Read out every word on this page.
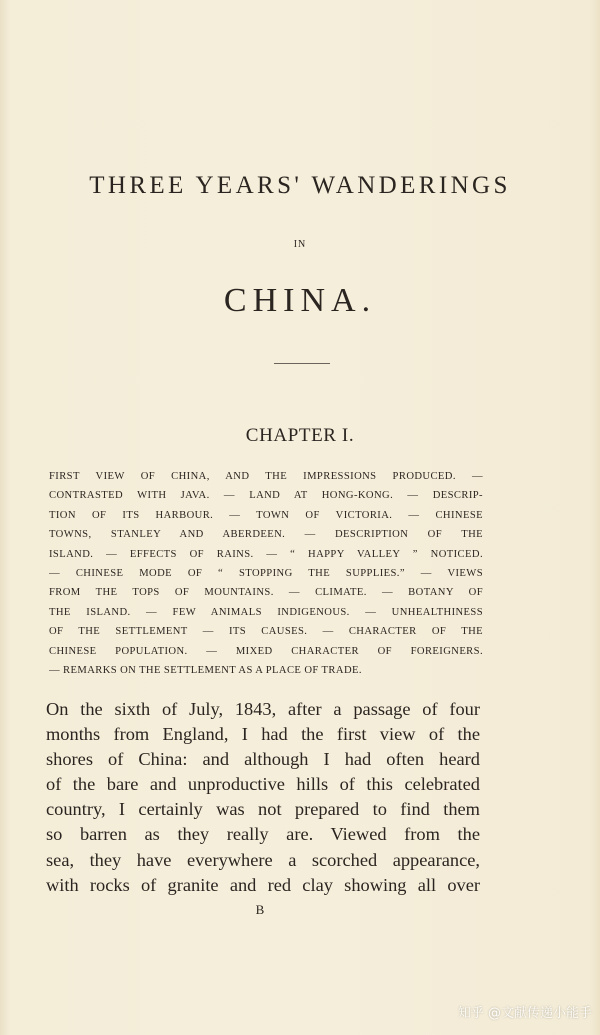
THREE YEARS' WANDERINGS
IN
CHINA.
CHAPTER I.
FIRST VIEW OF CHINA, AND THE IMPRESSIONS PRODUCED. —
CONTRASTED WITH JAVA. — LAND AT HONG-KONG. — DESCRIP-
TION OF ITS HARBOUR. — TOWN OF VICTORIA. — CHINESE
TOWNS, STANLEY AND ABERDEEN. — DESCRIPTION OF THE
ISLAND. — EFFECTS OF RAINS. — “ HAPPY VALLEY ” NOTICED.
— CHINESE MODE OF “ STOPPING THE SUPPLIES.” — VIEWS
FROM THE TOPS OF MOUNTAINS. — CLIMATE. — BOTANY OF
THE ISLAND. — FEW ANIMALS INDIGENOUS. — UNHEALTHINESS
OF THE SETTLEMENT — ITS CAUSES. — CHARACTER OF THE
CHINESE POPULATION. — MIXED CHARACTER OF FOREIGNERS.
— REMARKS ON THE SETTLEMENT AS A PLACE OF TRADE.
On the sixth of July, 1843, after a passage of four
months from England, I had the first view of the
shores of China: and although I had often heard
of the bare and unproductive hills of this celebrated
country, I certainly was not prepared to find them
so barren as they really are. Viewed from the
sea, they have everywhere a scorched appearance,
with rocks of granite and red clay showing all over
B
知乎 @文献传递小能手
